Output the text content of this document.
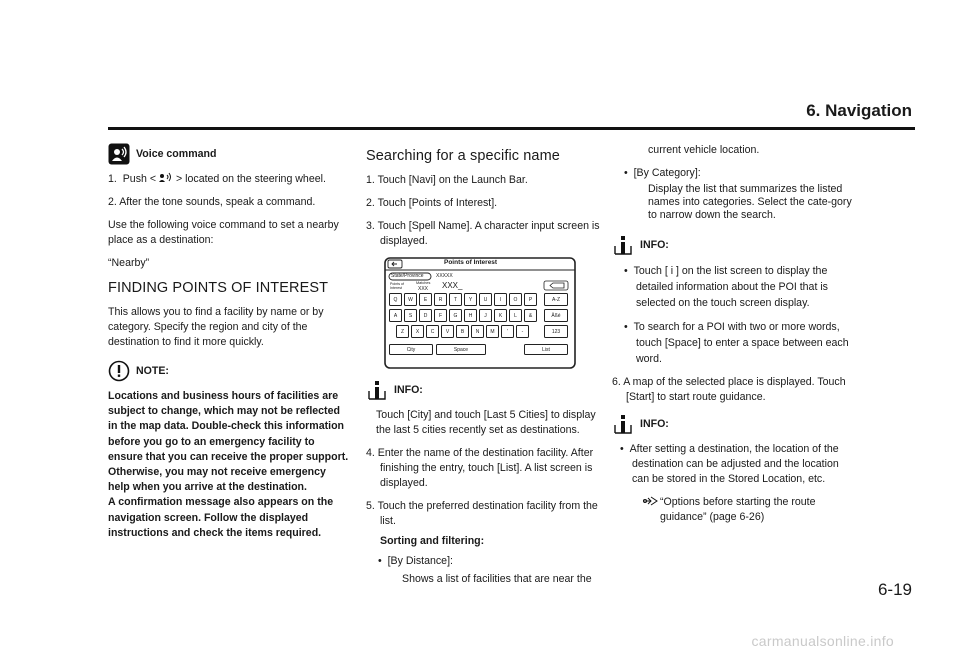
6. Navigation
Voice command

1. Push < > located on the steering wheel.

2. After the tone sounds, speak a command.

Use the following voice command to set a nearby place as a destination:

“Nearby”

FINDING POINTS OF INTEREST

This allows you to find a facility by name or by category. Specify the region and city of the destination to find it more quickly.

NOTE:
Locations and business hours of facilities are subject to change, which may not be reflected in the map data. Double-check this information before you go to an emergency facility to ensure that you can receive the proper support. Otherwise, you may not receive emergency help when you arrive at the destination.
A confirmation message also appears on the navigation screen. Follow the displayed instructions and check the items required.
Searching for a specific name

1. Touch [Navi] on the Launch Bar.

2. Touch [Points of Interest].

3. Touch [Spell Name]. A character input screen is displayed.

Points of Interest
State/Province XXXXX
Points of Interest
Matches
XXX XXX_
Q	W	E	R	T	Y	U	I	O	P
A	S	D	F	G	H	J	K	L	&
Z	X	C	V	B	N	M	'	-
A-Z
Äßé
123
City	Space	List
INFO:

Touch [City] and touch [Last 5 Cities] to display the last 5 cities recently set as destinations.

4. Enter the name of the destination facility. After finishing the entry, touch [List]. A list screen is displayed.

5. Touch the preferred destination facility from the list.

Sorting and filtering:

•  [By Distance]:

Shows a list of facilities that are near the

current vehicle location.

•  [By Category]:

Display the list that summarizes the listed names into categories. Select the cate-gory to narrow down the search.

INFO:

•  Touch [ i ] on the list screen to display the detailed information about the POI that is selected on the touch screen display.

•  To search for a POI with two or more words, touch [Space] to enter a space between each word.

6. A map of the selected place is displayed. Touch [Start] to start route guidance.

INFO:

•  After setting a destination, the location of the destination can be adjusted and the location can be stored in the Stored Location, etc.

“Options before starting the route guidance” (page 6-26)

6-19
carmanualsonline.info
